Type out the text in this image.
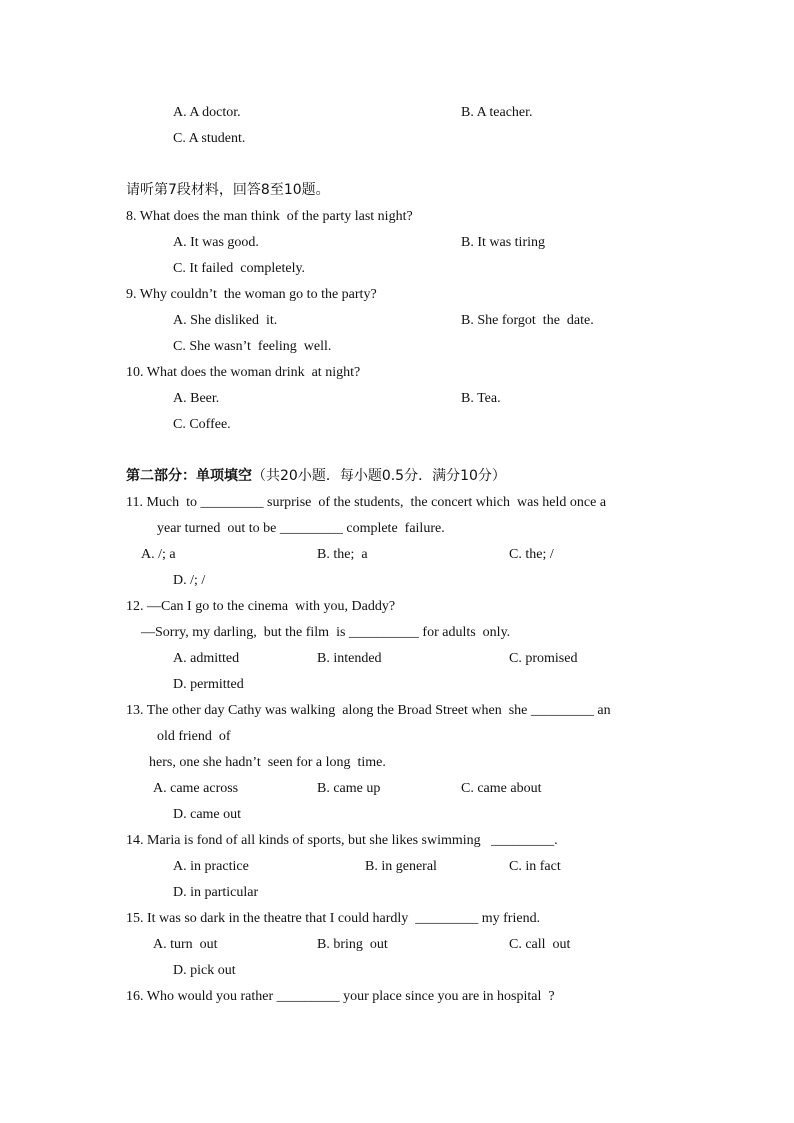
A. A doctor.	B. A teacher.
C. A student.
请听第7段材料，回答8至10题。
8. What does the man think  of the party last night?
A. It was good.	B. It was tiring
C. It failed  completely.
9. Why couldn’t  the woman go to the party?
A. She disliked  it.	B. She forgot  the  date.
C. She wasn’t  feeling  well.
10. What does the woman drink  at night?
A. Beer.	B. Tea.
C. Coffee.
第二部分：单项填空（共20小题．每小题0.5分．满分10分）
11. Much  to _________ surprise  of the students,  the concert which  was held once a
year turned  out to be _________ complete  failure.
A. /; a	B. the;  a	C. the; /
D. /; /
12. —Can I go to the cinema  with you, Daddy?
—Sorry, my darling,  but the film  is __________ for adults  only.
A. admitted	B. intended	C. promised
D. permitted
13. The other day Cathy was walking  along the Broad Street when  she _________ an
old friend  of
hers, one she hadn’t  seen for a long  time.
A. came across	B. came up	C. came about
D. came out
14. Maria is fond of all kinds of sports, but she likes swimming   _________.
A. in practice	B. in general	C. in fact
D. in particular
15. It was so dark in the theatre that I could hardly  _________ my friend.
A. turn  out	B. bring  out	C. call  out
D. pick out
16. Who would you rather _________ your place since you are in hospital  ?
